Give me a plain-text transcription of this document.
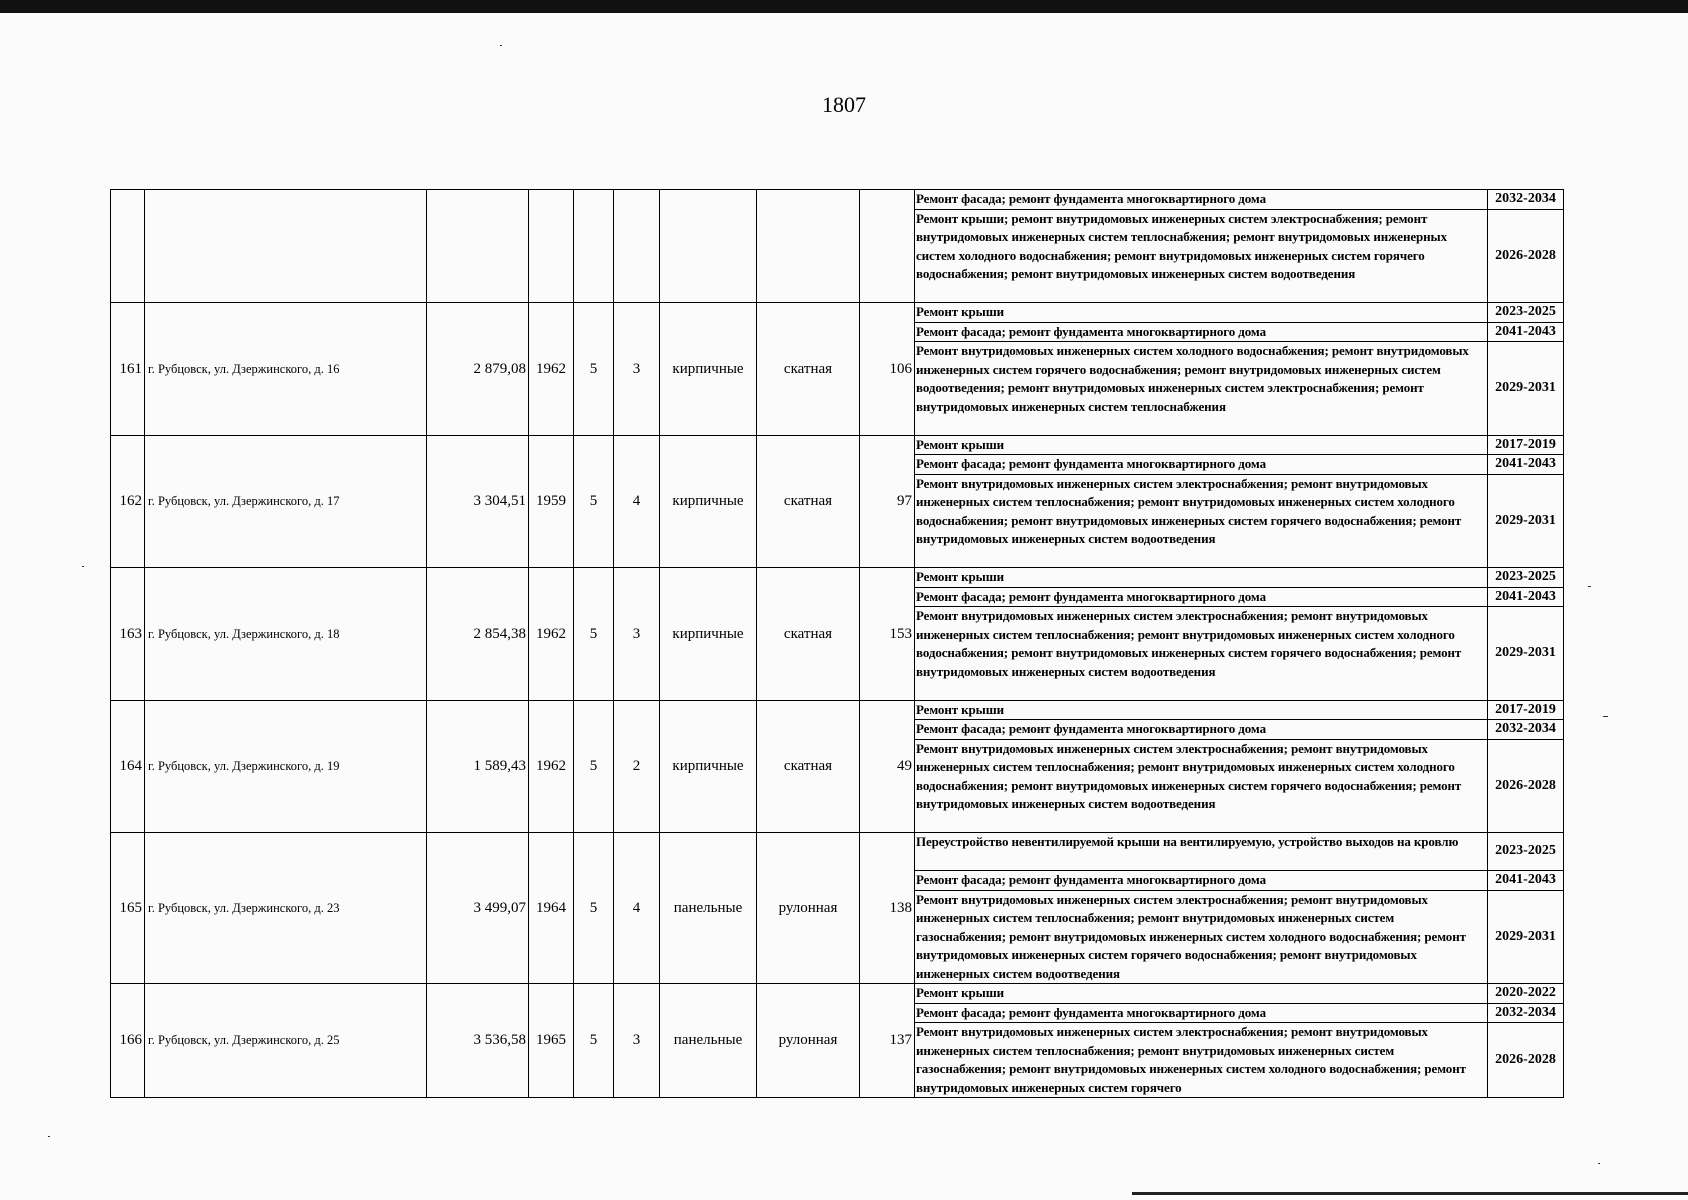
1807
									Ремонт фасада; ремонт фундамента многоквартирного дома	2032-2034
									Ремонт крыши; ремонт внутридомовых инженерных систем электроснабжения; ремонт внутридомовых инженерных систем теплоснабжения; ремонт внутридомовых инженерных систем холодного водоснабжения; ремонт внутридомовых инженерных систем горячего водоснабжения; ремонт внутридомовых инженерных систем водоотведения	2026-2028
161	г. Рубцовск, ул. Дзержинского, д. 16	2 879,08	1962	5	3	кирпичные	скатная	106	Ремонт крыши	2023-2025
									Ремонт фасада; ремонт фундамента многоквартирного дома	2041-2043
									Ремонт внутридомовых инженерных систем холодного водоснабжения; ремонт внутридомовых инженерных систем горячего водоснабжения; ремонт внутридомовых инженерных систем водоотведения; ремонт внутридомовых инженерных систем электроснабжения; ремонт внутридомовых инженерных систем теплоснабжения	2029-2031
162	г. Рубцовск, ул. Дзержинского, д. 17	3 304,51	1959	5	4	кирпичные	скатная	97	Ремонт крыши	2017-2019
									Ремонт фасада; ремонт фундамента многоквартирного дома	2041-2043
									Ремонт внутридомовых инженерных систем электроснабжения; ремонт внутридомовых инженерных систем теплоснабжения; ремонт внутридомовых инженерных систем холодного водоснабжения; ремонт внутридомовых инженерных систем горячего водоснабжения; ремонт внутридомовых инженерных систем водоотведения	2029-2031
163	г. Рубцовск, ул. Дзержинского, д. 18	2 854,38	1962	5	3	кирпичные	скатная	153	Ремонт крыши	2023-2025
									Ремонт фасада; ремонт фундамента многоквартирного дома	2041-2043
									Ремонт внутридомовых инженерных систем электроснабжения; ремонт внутридомовых инженерных систем теплоснабжения; ремонт внутридомовых инженерных систем холодного водоснабжения; ремонт внутридомовых инженерных систем горячего водоснабжения; ремонт внутридомовых инженерных систем водоотведения	2029-2031
164	г. Рубцовск, ул. Дзержинского, д. 19	1 589,43	1962	5	2	кирпичные	скатная	49	Ремонт крыши	2017-2019
									Ремонт фасада; ремонт фундамента многоквартирного дома	2032-2034
									Ремонт внутридомовых инженерных систем электроснабжения; ремонт внутридомовых инженерных систем теплоснабжения; ремонт внутридомовых инженерных систем холодного водоснабжения; ремонт внутридомовых инженерных систем горячего водоснабжения; ремонт внутридомовых инженерных систем водоотведения	2026-2028
165	г. Рубцовск, ул. Дзержинского, д. 23	3 499,07	1964	5	4	панельные	рулонная	138	Переустройство невентилируемой крыши на вентилируемую, устройство выходов на кровлю	2023-2025
									Ремонт фасада; ремонт фундамента многоквартирного дома	2041-2043
									Ремонт внутридомовых инженерных систем электроснабжения; ремонт внутридомовых инженерных систем теплоснабжения; ремонт внутридомовых инженерных систем газоснабжения; ремонт внутридомовых инженерных систем холодного водоснабжения; ремонт внутридомовых инженерных систем горячего водоснабжения; ремонт внутридомовых инженерных систем водоотведения	2029-2031
166	г. Рубцовск, ул. Дзержинского, д. 25	3 536,58	1965	5	3	панельные	рулонная	137	Ремонт крыши	2020-2022
									Ремонт фасада; ремонт фундамента многоквартирного дома	2032-2034
									Ремонт внутридомовых инженерных систем электроснабжения; ремонт внутридомовых инженерных систем теплоснабжения; ремонт внутридомовых инженерных систем газоснабжения; ремонт внутридомовых инженерных систем холодного водоснабжения; ремонт внутридомовых инженерных систем горячего	2026-2028
